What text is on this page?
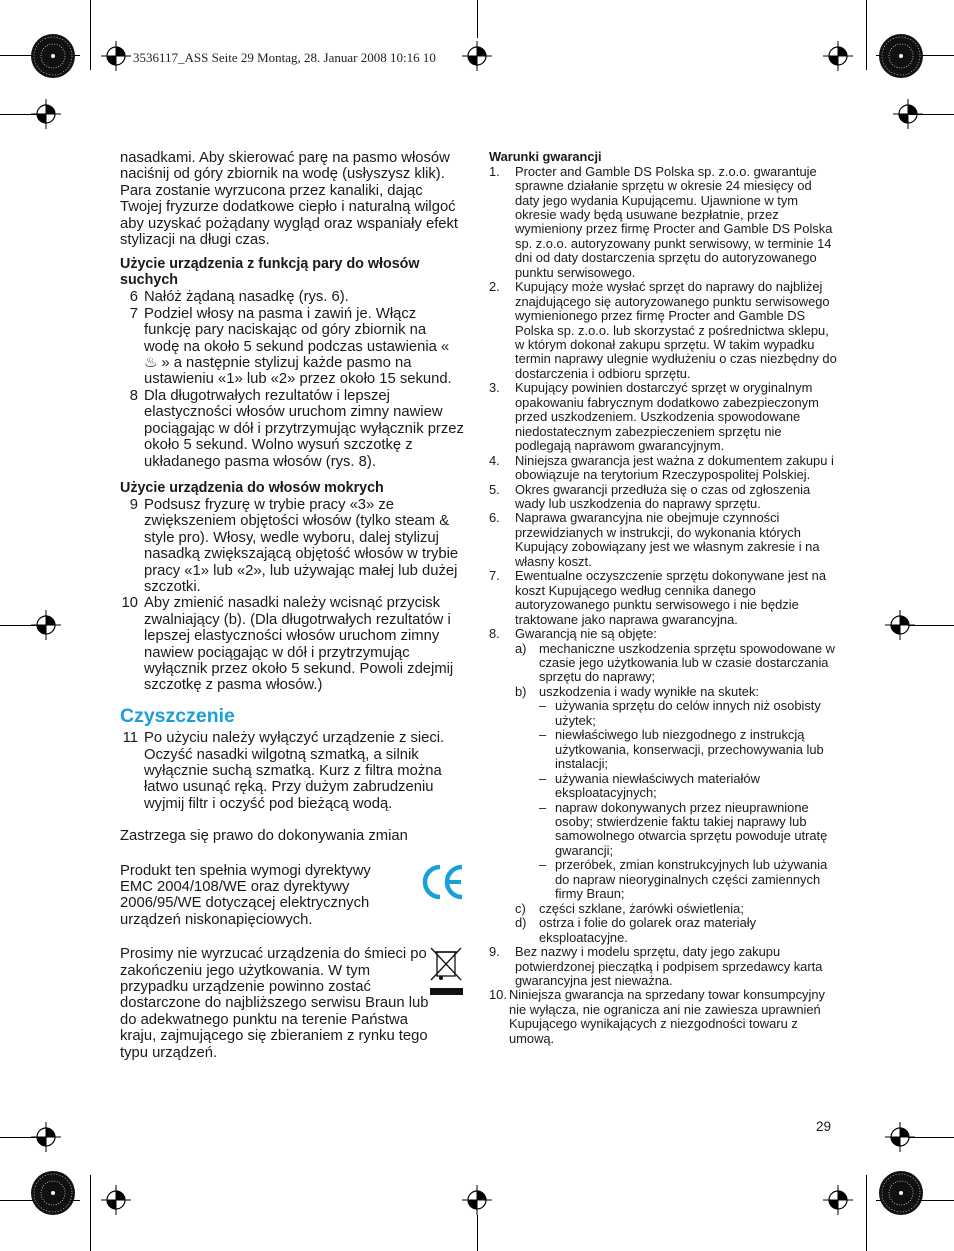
3536117_ASS Seite 29 Montag, 28. Januar 2008 10:16 10

nasadkami. Aby skierować parę na pasmo włosów naciśnij od góry zbiornik na wodę (usłyszysz klik). Para zostanie wyrzucona przez kanaliki, dając Twojej fryzurze dodatkowe ciepło i naturalną wilgoć aby uzyskać pożądany wygląd oraz wspaniały efekt stylizacji na długi czas.

Użycie urządzenia z funkcją pary do włosów suchych
6 Nałóż żądaną nasadkę (rys. 6).
7 Podziel włosy na pasma i zawiń je. Włącz funkcję pary naciskając od góry zbiornik na wodę na około 5 sekund podczas ustawienia « ♨ » a następnie stylizuj każde pasmo na ustawieniu «1» lub «2» przez około 15 sekund.
8 Dla długotrwałych rezultatów i lepszej elastyczności włosów uruchom zimny nawiew pociągając w dół i przytrzymując wyłącznik przez około 5 sekund. Wolno wysuń szczotkę z układanego pasma włosów (rys. 8).
Użycie urządzenia do włosów mokrych
9 Podsusz fryzurę w trybie pracy «3» ze zwiększeniem objętości włosów (tylko steam & style pro). Włosy, wedle wyboru, dalej stylizuj nasadką zwiększającą objętość włosów w trybie pracy «1» lub «2», lub używając małej lub dużej szczotki.
10 Aby zmienić nasadki należy wcisnąć przycisk zwalniający (b). (Dla długotrwałych rezultatów i lepszej elastyczności włosów uruchom zimny nawiew pociągając w dół i przytrzymując wyłącznik przez około 5 sekund. Powoli zdejmij szczotkę z pasma włosów.)
Czyszczenie
11 Po użyciu należy wyłączyć urządzenie z sieci. Oczyść nasadki wilgotną szmatką, a silnik wyłącznie suchą szmatką. Kurz z filtra można łatwo usunąć ręką. Przy dużym zabrudzeniu wyjmij filtr i oczyść pod bieżącą wodą.

Zastrzega się prawo do dokonywania zmian

Produkt ten spełnia wymogi dyrektywy EMC 2004/108/WE oraz dyrektywy 2006/95/WE dotyczącej elektrycznych urządzeń niskonapięciowych.

Prosimy nie wyrzucać urządzenia do śmieci po zakończeniu jego użytkowania. W tym przypadku urządzenie powinno zostać dostarczone do najbliższego serwisu Braun lub do adekwatnego punktu na terenie Państwa kraju, zajmującego się zbieraniem z rynku tego typu urządzeń.

Warunki gwarancji
1. Procter and Gamble DS Polska sp. z.o.o. gwarantuje sprawne działanie sprzętu w okresie 24 miesięcy od daty jego wydania Kupującemu. Ujawnione w tym okresie wady będą usuwane bezpłatnie, przez wymieniony przez firmę Procter and Gamble DS Polska sp. z.o.o. autoryzowany punkt serwisowy, w terminie 14 dni od daty dostarczenia sprzętu do autoryzowanego punktu serwisowego.
2. Kupujący może wysłać sprzęt do naprawy do najbliżej znajdującego się autoryzowanego punktu serwisowego wymienionego przez firmę Procter and Gamble DS Polska sp. z.o.o. lub skorzystać z pośrednictwa sklepu, w którym dokonał zakupu sprzętu. W takim wypadku termin naprawy ulegnie wydłużeniu o czas niezbędny do dostarczenia i odbioru sprzętu.
3. Kupujący powinien dostarczyć sprzęt w oryginalnym opakowaniu fabrycznym dodatkowo zabezpieczonym przed uszkodzeniem. Uszkodzenia spowodowane niedostatecznym zabezpieczeniem sprzętu nie podlegają naprawom gwarancyjnym.
4. Niniejsza gwarancja jest ważna z dokumentem zakupu i obowiązuje na terytorium Rzeczypospolitej Polskiej.
5. Okres gwarancji przedłuża się o czas od zgłoszenia wady lub uszkodzenia do naprawy sprzętu.
6. Naprawa gwarancyjna nie obejmuje czynności przewidzianych w instrukcji, do wykonania których Kupujący zobowiązany jest we własnym zakresie i na własny koszt.
7. Ewentualne oczyszczenie sprzętu dokonywane jest na koszt Kupującego według cennika danego autoryzowanego punktu serwisowego i nie będzie traktowane jako naprawa gwarancyjna.
8. Gwarancją nie są objęte:
a) mechaniczne uszkodzenia sprzętu spowodowane w czasie jego użytkowania lub w czasie dostarczania sprzętu do naprawy;
b) uszkodzenia i wady wynikłe na skutek:
– używania sprzętu do celów innych niż osobisty użytek;
– niewłaściwego lub niezgodnego z instrukcją użytkowania, konserwacji, przechowywania lub instalacji;
– używania niewłaściwych materiałów eksploatacyjnych;
– napraw dokonywanych przez nieuprawnione osoby; stwierdzenie faktu takiej naprawy lub samowolnego otwarcia sprzętu powoduje utratę gwarancji;
– przeróbek, zmian konstrukcyjnych lub używania do napraw nieoryginalnych części zamiennych firmy Braun;
c) części szklane, żarówki oświetlenia;
d) ostrza i folie do golarek oraz materiały eksploatacyjne.
9. Bez nazwy i modelu sprzętu, daty jego zakupu potwierdzonej pieczątką i podpisem sprzedawcy karta gwarancyjna jest nieważna.
10. Niniejsza gwarancja na sprzedany towar konsumpcyjny nie wyłącza, nie ogranicza ani nie zawiesza uprawnień Kupującego wynikających z niezgodności towaru z umową.
29
